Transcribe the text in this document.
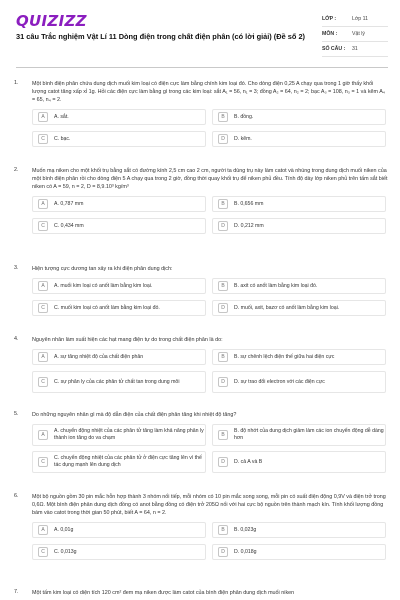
QUIZIZZ
31 câu Trắc nghiệm Vật Lí 11 Dòng điện trong chất điện phân (có lời giải) (Đề số 2)
LỚP :	Lớp 11
MÔN :	Vật lý
SỐ CÂU :	31
1.	Một bình điện phân chứa dung dịch muối kim loại có điện cực làm bằng chính kim loại đó. Cho dòng điện 0,25 A chạy qua trong 1 giờ thấy khối lượng catot tăng xấp xỉ 1g. Hỏi các điện cực làm bằng gì trong các kim loại: sắt A₁ = 56, n₁ = 3; đồng A₂ = 64, n₂ = 2; bạc A₃ = 108, n₃ = 1 và kẽm A₄ = 65, n₄ = 2.
A	A. sắt.	B	B. đồng.
C	C. bạc.	D	D. kẽm.
2.	Muốn mạ niken cho một khối trụ bằng sắt có đường kính 2,5 cm cao 2 cm, người ta dùng trụ này làm catot và nhúng trong dung dịch muối niken của một bình điện phân rồi cho dòng điện 5 A chạy qua trong 2 giờ, đồng thời quay khối trụ để niken phủ đều. Tính độ dày lớp niken phủ trên tấm sắt biết niken có A = 59, n = 2, D = 8,9.10³ kg/m³
A	A. 0,787 mm	B	B. 0,656 mm
C	C. 0,434 mm	D	D. 0,212 mm
3.	Hiện tượng cực dương tan xảy ra khi điện phân dung dịch:
A	A. muối kim loại có anốt làm bằng kim loại.	B	B. axit có anốt làm bằng kim loại đó.
C	C. muối kim loại có anốt làm bằng kim loại đó.	D	D. muối, axit, bazơ có anốt làm bằng kim loại.
4.	Nguyên nhân làm xuất hiện các hạt mang điện tự do trong chất điện phân là do:
A	A. sự tăng nhiệt độ của chất điện phân	B	B. sự chênh lệch điện thế giữa hai điện cực
C	C. sự phân ly của các phân tử chất tan trong dung môi	D	D. sự trao đổi electron với các điện cực
5.	Do những nguyên nhân gì mà độ dẫn điện của chất điện phân tăng khi nhiệt độ tăng?
A
A. chuyển động nhiệt của các phân tử tăng làm khả năng phân ly thành ion tăng do va chạm	B
B. độ nhớt của dung dịch giảm làm các ion chuyển động dễ dàng hơn
C
C. chuyển động nhiệt của các phân tử ở điện cực tăng lên vì thế tác dụng mạnh lên dung dịch	D	D. cả A và B
6.	Một bộ nguồn gồm 30 pin mắc hỗn hợp thành 3 nhóm nối tiếp, mỗi nhóm có 10 pin mắc song song, mỗi pin có suất điện động 0,9V và điện trở trong 0,6Ω. Một bình điện phân dung dịch đồng có anot bằng đồng có điện trở 205Ω nối với hai cực bộ nguồn trên thành mạch kín. Tính khối lượng đồng bám vào catot trong thời gian 50 phút, biết A = 64, n = 2.
A	A. 0,01g	B	B. 0,023g
C	C. 0,013g	D	D. 0,018g
7.	Một tấm kim loại có diện tích 120 cm² đem mạ niken được làm catot của bình điện phân dung dịch muối niken
